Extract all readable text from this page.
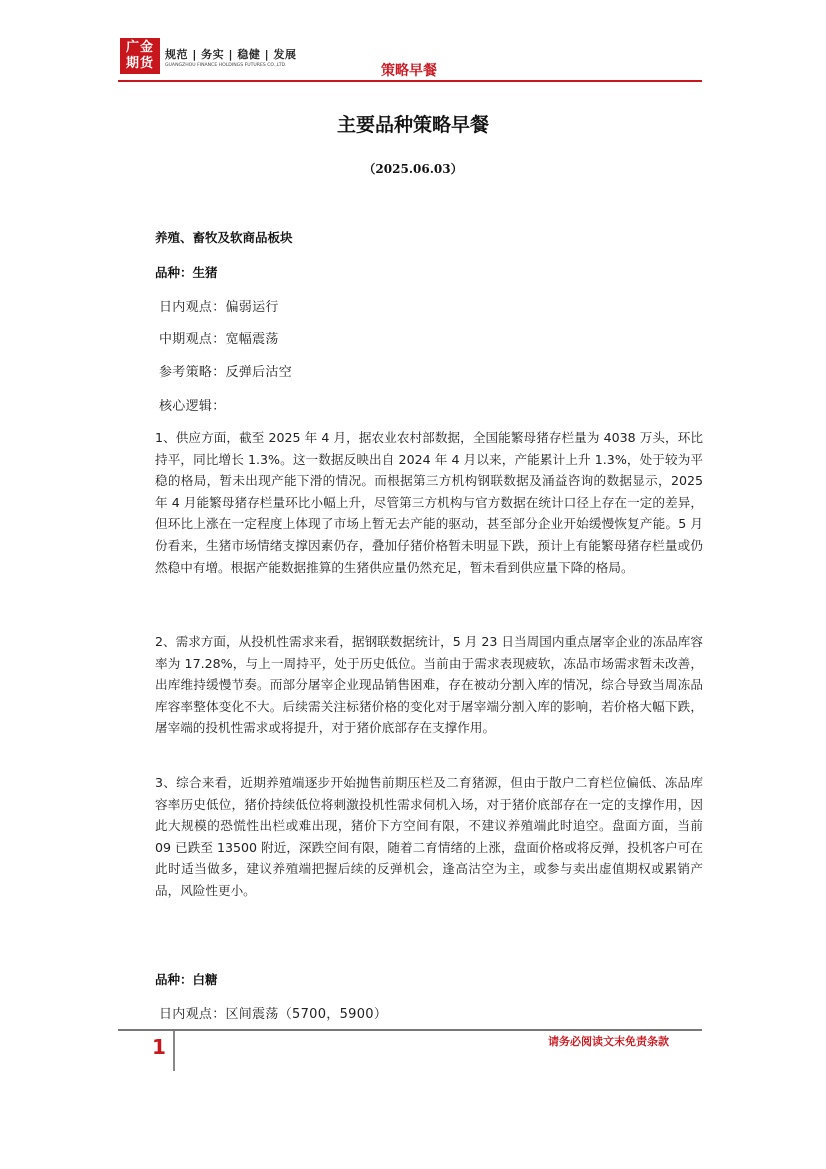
广金
期货
规范 | 务实 | 稳健 | 发展
GUANGZHOU FINANCE HOLDINGS FUTURES CO.,LTD.	策略早餐
主要品种策略早餐
（2025.06.03）
养殖、畜牧及软商品板块
品种：生猪
日内观点：偏弱运行
中期观点：宽幅震荡
参考策略：反弹后沽空
核心逻辑：
1、供应方面，截至 2025 年 4 月，据农业农村部数据，全国能繁母猪存栏量为 4038 万头，环比持平，同比增长 1.3%。这一数据反映出自 2024 年 4 月以来，产能累计上升 1.3%，处于较为平稳的格局，暂未出现产能下滑的情况。而根据第三方机构钢联数据及涌益咨询的数据显示，2025 年 4 月能繁母猪存栏量环比小幅上升，尽管第三方机构与官方数据在统计口径上存在一定的差异，但环比上涨在一定程度上体现了市场上暂无去产能的驱动，甚至部分企业开始缓慢恢复产能。5 月份看来，生猪市场情绪支撑因素仍存，叠加仔猪价格暂未明显下跌，预计上有能繁母猪存栏量或仍然稳中有增。根据产能数据推算的生猪供应量仍然充足，暂未看到供应量下降的格局。
2、需求方面，从投机性需求来看，据钢联数据统计，5 月 23 日当周国内重点屠宰企业的冻品库容率为 17.28%，与上一周持平，处于历史低位。当前由于需求表现疲软，冻品市场需求暂未改善，出库维持缓慢节奏。而部分屠宰企业现品销售困难，存在被动分割入库的情况，综合导致当周冻品库容率整体变化不大。后续需关注标猪价格的变化对于屠宰端分割入库的影响，若价格大幅下跌，屠宰端的投机性需求或将提升，对于猪价底部存在支撑作用。
3、综合来看，近期养殖端逐步开始抛售前期压栏及二育猪源，但由于散户二育栏位偏低、冻品库容率历史低位，猪价持续低位将刺激投机性需求伺机入场，对于猪价底部存在一定的支撑作用，因此大规模的恐慌性出栏或难出现，猪价下方空间有限，不建议养殖端此时追空。盘面方面，当前 09 已跌至 13500 附近，深跌空间有限，随着二育情绪的上涨，盘面价格或将反弹，投机客户可在此时适当做多，建议养殖端把握后续的反弹机会，逢高沽空为主，或参与卖出虚值期权或累销产品，风险性更小。
品种：白糖
日内观点：区间震荡（5700，5900）
1	请务必阅读文末免责条款
